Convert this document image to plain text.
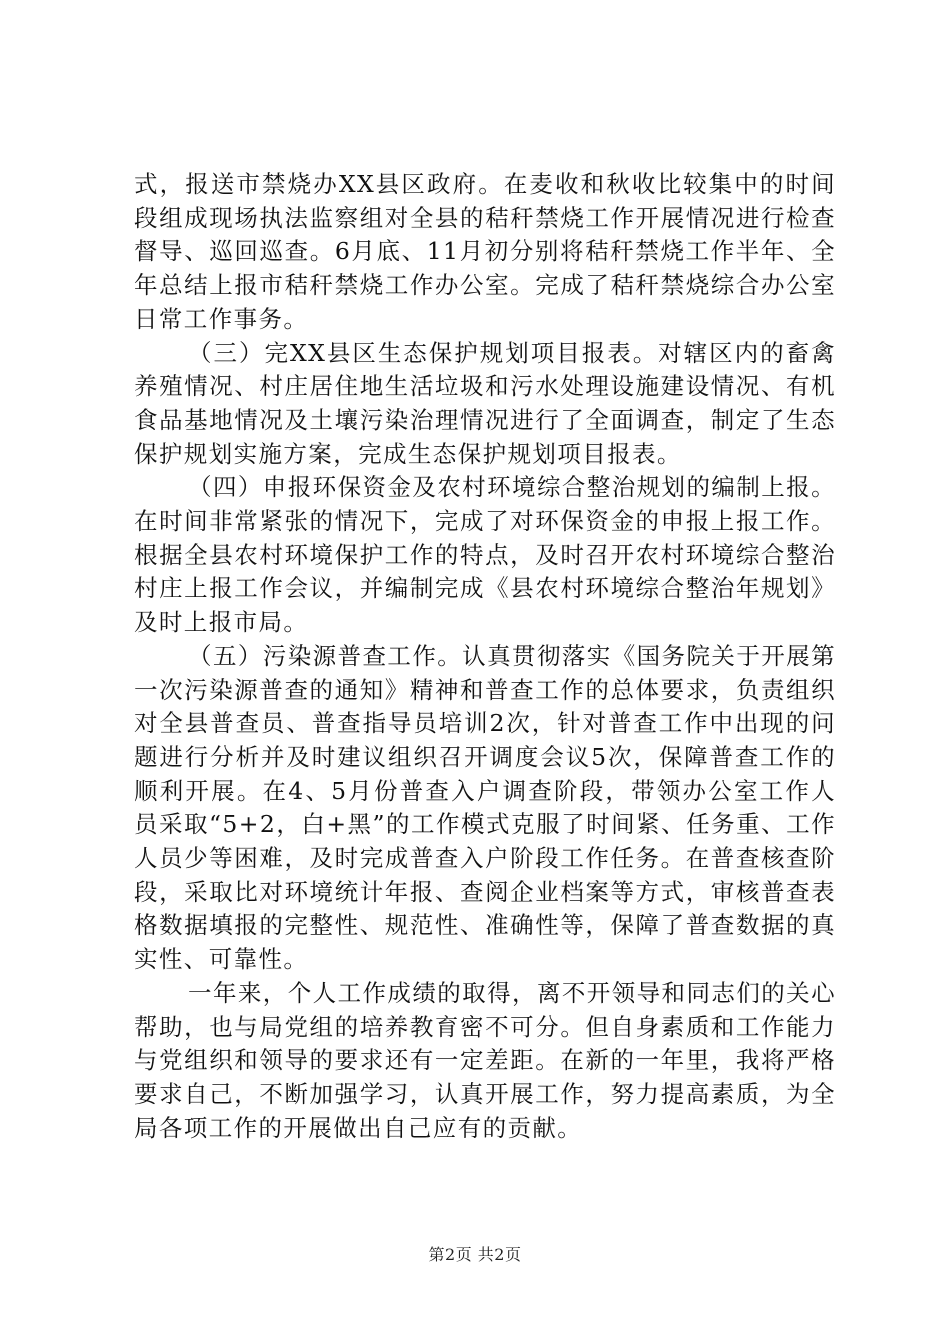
式，报送市禁烧办XX县区政府。在麦收和秋收比较集中的时间段组成现场执法监察组对全县的秸秆禁烧工作开展情况进行检查督导、巡回巡查。6月底、11月初分别将秸秆禁烧工作半年、全年总结上报市秸秆禁烧工作办公室。完成了秸秆禁烧综合办公室日常工作事务。

（三）完XX县区生态保护规划项目报表。对辖区内的畜禽养殖情况、村庄居住地生活垃圾和污水处理设施建设情况、有机食品基地情况及土壤污染治理情况进行了全面调查，制定了生态保护规划实施方案，完成生态保护规划项目报表。

（四）申报环保资金及农村环境综合整治规划的编制上报。在时间非常紧张的情况下，完成了对环保资金的申报上报工作。根据全县农村环境保护工作的特点，及时召开农村环境综合整治村庄上报工作会议，并编制完成《县农村环境综合整治年规划》及时上报市局。

（五）污染源普查工作。认真贯彻落实《国务院关于开展第一次污染源普查的通知》精神和普查工作的总体要求，负责组织对全县普查员、普查指导员培训2次，针对普查工作中出现的问题进行分析并及时建议组织召开调度会议5次，保障普查工作的顺利开展。在4、5月份普查入户调查阶段，带领办公室工作人员采取“5+2，白+黑”的工作模式克服了时间紧、任务重、工作人员少等困难，及时完成普查入户阶段工作任务。在普查核查阶段，采取比对环境统计年报、查阅企业档案等方式，审核普查表格数据填报的完整性、规范性、准确性等，保障了普查数据的真实性、可靠性。

一年来，个人工作成绩的取得，离不开领导和同志们的关心帮助，也与局党组的培养教育密不可分。但自身素质和工作能力与党组织和领导的要求还有一定差距。在新的一年里，我将严格要求自己，不断加强学习，认真开展工作，努力提高素质，为全局各项工作的开展做出自己应有的贡献。

第2页 共2页
